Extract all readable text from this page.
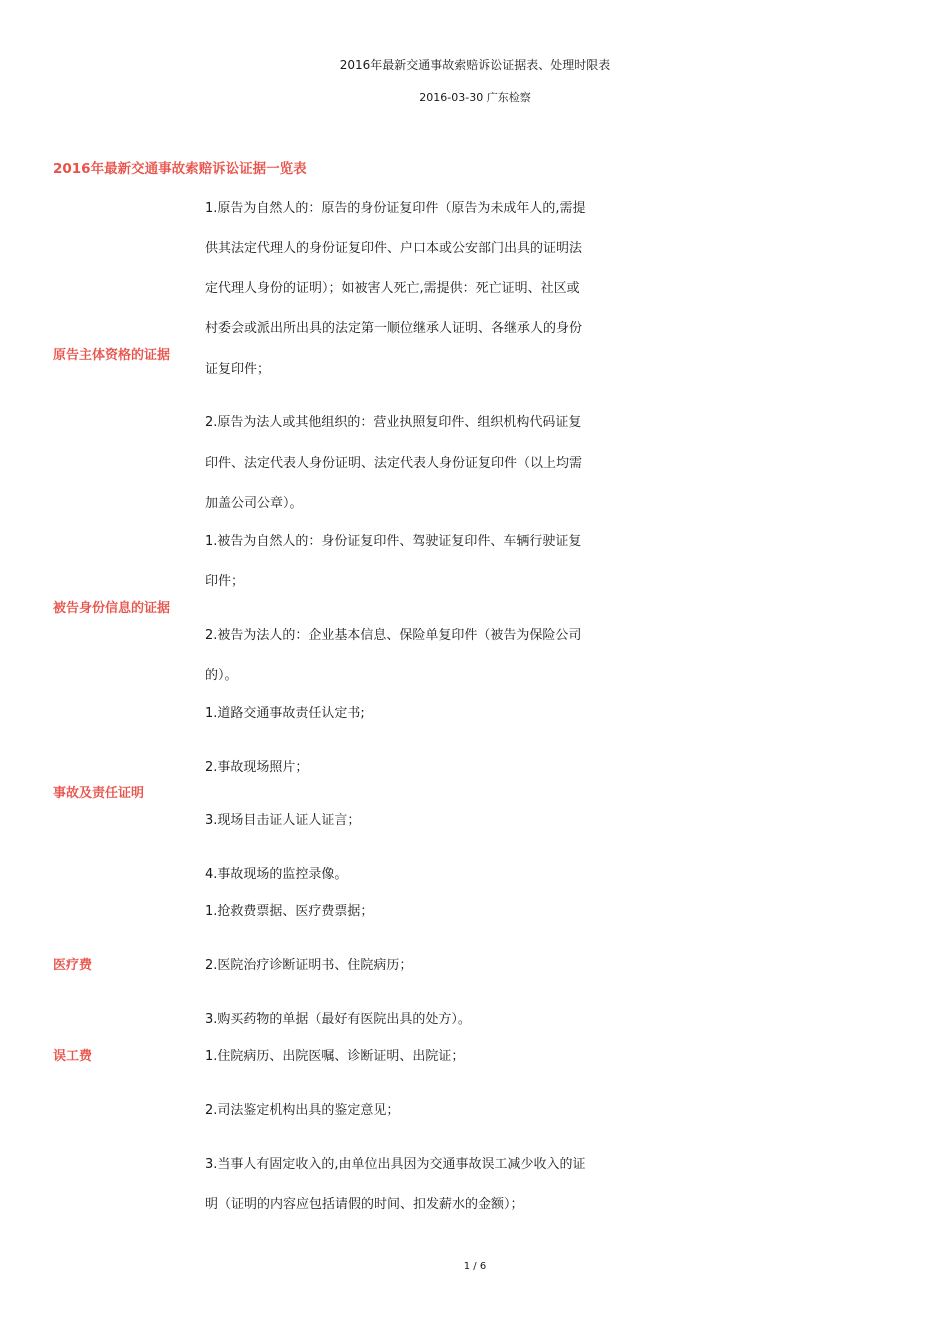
2016年最新交通事故索赔诉讼证据表、处理时限表
2016-03-30 广东检察
2016年最新交通事故索赔诉讼证据一览表
原告主体资格的证据
1.原告为自然人的：原告的身份证复印件（原告为未成年人的,需提
供其法定代理人的身份证复印件、户口本或公安部门出具的证明法
定代理人身份的证明）；如被害人死亡,需提供：死亡证明、社区或
村委会或派出所出具的法定第一顺位继承人证明、各继承人的身份
证复印件；
2.原告为法人或其他组织的：营业执照复印件、组织机构代码证复
印件、法定代表人身份证明、法定代表人身份证复印件（以上均需
加盖公司公章）。
被告身份信息的证据
1.被告为自然人的：身份证复印件、驾驶证复印件、车辆行驶证复
印件；
2.被告为法人的：企业基本信息、保险单复印件（被告为保险公司
的）。
事故及责任证明
1.道路交通事故责任认定书;
2.事故现场照片；
3.现场目击证人证人证言；
4.事故现场的监控录像。
医疗费
1.抢救费票据、医疗费票据；
2.医院治疗诊断证明书、住院病历；
3.购买药物的单据（最好有医院出具的处方）。
误工费	1.住院病历、出院医嘱、诊断证明、出院证；
2.司法鉴定机构出具的鉴定意见；
3.当事人有固定收入的,由单位出具因为交通事故误工减少收入的证
明（证明的内容应包括请假的时间、扣发薪水的金额）；
1 / 6
